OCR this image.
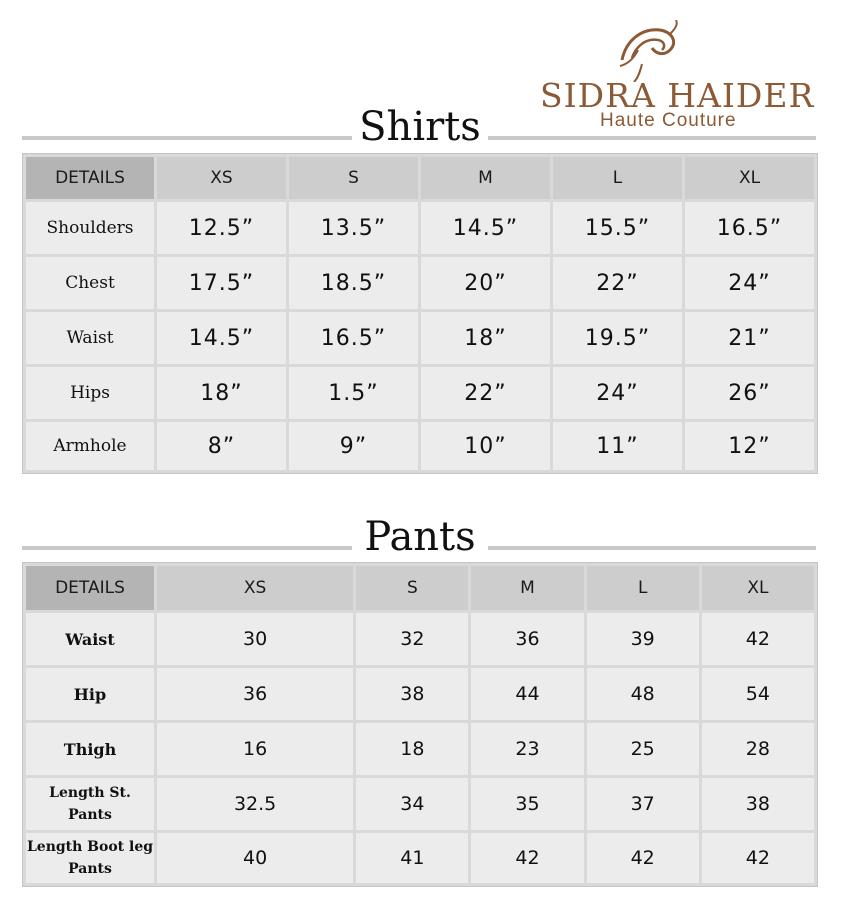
SIDRA HAIDER
Haute Couture
Shirts
DETAILS	XS	S	M	L	XL
Shoulders	12.5”	13.5”	14.5”	15.5”	16.5”
Chest	17.5”	18.5”	20”	22”	24”
Waist	14.5”	16.5”	18”	19.5”	21”
Hips	18”	1.5”	22”	24”	26”
Armhole	8”	9”	10”	11”	12”
Pants
DETAILS	XS	S	M	L	XL
Waist	30	32	36	39	42
Hip	36	38	44	48	54
Thigh	16	18	23	25	28
Length St. Pants	32.5	34	35	37	38
Length Boot leg Pants	40	41	42	42	42
